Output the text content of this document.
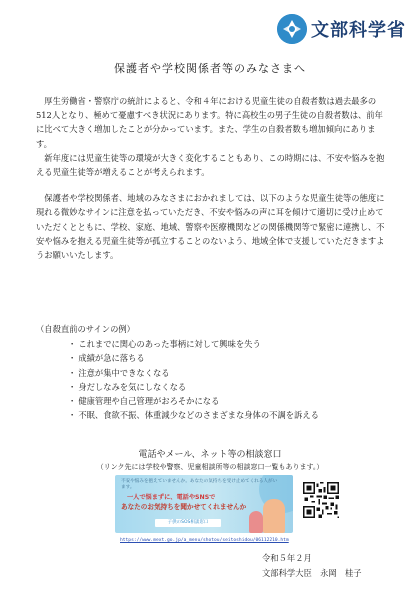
文部科学省
保護者や学校関係者等のみなさまへ

厚生労働省・警察庁の統計によると、令和４年における児童生徒の自殺者数は過去最多の512人となり、極めて憂慮すべき状況にあります。特に高校生の男子生徒の自殺者数は、前年に比べて大きく増加したことが分かっています。また、学生の自殺者数も増加傾向にあります。

新年度には児童生徒等の環境が大きく変化することもあり、この時期には、不安や悩みを抱える児童生徒等が増えることが考えられます。

保護者や学校関係者、地域のみなさまにおかれましては、以下のような児童生徒等の態度に現れる微妙なサインに注意を払っていただき、不安や悩みの声に耳を傾けて適切に受け止めていただくとともに、学校、家庭、地域、警察や医療機関などの関係機関等で緊密に連携し、不安や悩みを抱える児童生徒等が孤立することのないよう、地域全体で支援していただきますようお願いいたします。

（自殺直前のサインの例）
・ これまでに関心のあった事柄に対して興味を失う
・ 成績が急に落ちる
・ 注意が集中できなくなる
・ 身だしなみを気にしなくなる
・ 健康管理や自己管理がおろそかになる
・ 不眠、食欲不振、体重減少などのさまざまな身体の不調を訴える
電話やメール、ネット等の相談窓口
（リンク先には学校や警察、児童相談所等の相談窓口一覧もあります。）
不安や悩みを抱えていませんか。あなたの気持ちを受け止めてくれる人がいます。
一人で悩まずに、電話やSNSで
あなたのお気持ちを聞かせてくれませんか
子供のSOS相談窓口
https://www.mext.go.jp/a_menu/shotou/seitoshidou/06112210.htm
令和５年２月
文部科学大臣　永岡　桂子
